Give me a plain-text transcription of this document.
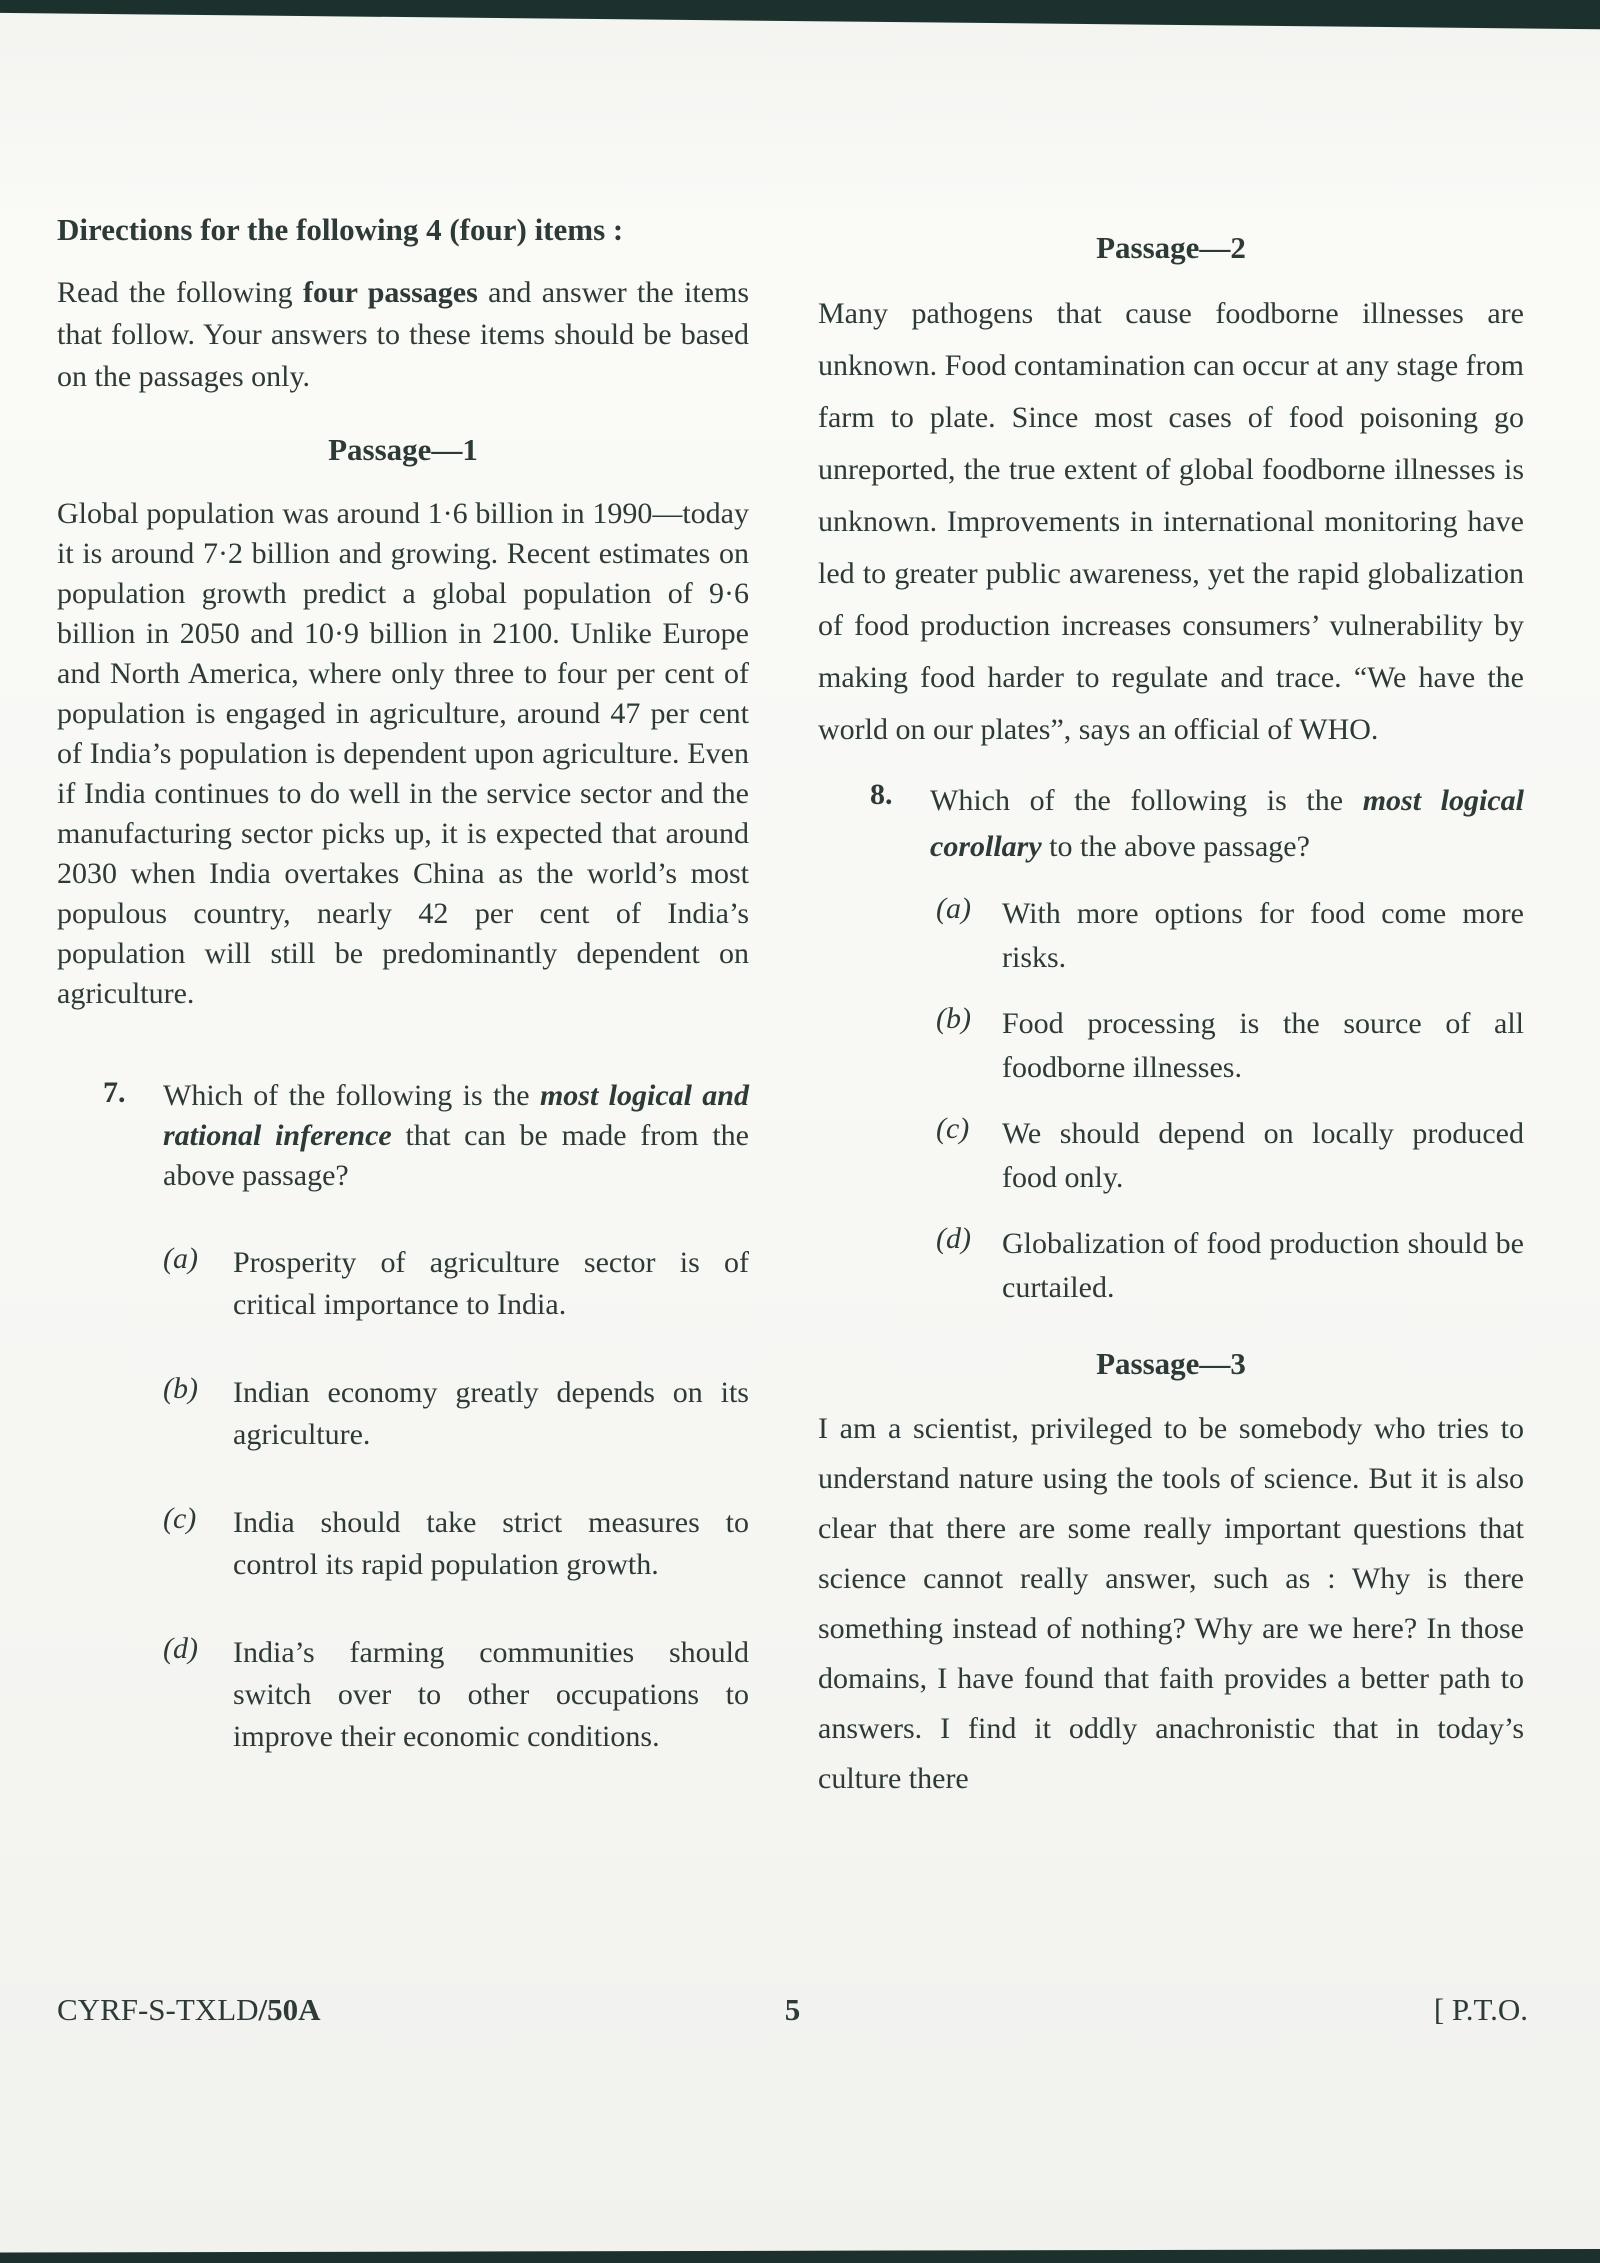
Directions for the following 4 (four) items :

Read the following four passages and answer the items that follow. Your answers to these items should be based on the passages only.

Passage—1

Global population was around 1·6 billion in 1990—today it is around 7·2 billion and growing. Recent estimates on population growth predict a global population of 9·6 billion in 2050 and 10·9 billion in 2100. Unlike Europe and North America, where only three to four per cent of population is engaged in agriculture, around 47 per cent of India’s population is dependent upon agriculture. Even if India continues to do well in the service sector and the manufacturing sector picks up, it is expected that around 2030 when India overtakes China as the world’s most populous country, nearly 42 per cent of India’s population will still be predominantly dependent on agriculture.

7. Which of the following is the most logical and rational inference that can be made from the above passage?

(a) Prosperity of agriculture sector is of critical importance to India.

(b) Indian economy greatly depends on its agriculture.

(c) India should take strict measures to control its rapid population growth.

(d) India’s farming communities should switch over to other occupations to improve their economic conditions.

Passage—2

Many pathogens that cause foodborne illnesses are unknown. Food contamination can occur at any stage from farm to plate. Since most cases of food poisoning go unreported, the true extent of global foodborne illnesses is unknown. Improvements in international monitoring have led to greater public awareness, yet the rapid globalization of food production increases consumers’ vulnerability by making food harder to regulate and trace. “We have the world on our plates”, says an official of WHO.

8. Which of the following is the most logical corollary to the above passage?

(a) With more options for food come more risks.

(b) Food processing is the source of all foodborne illnesses.

(c) We should depend on locally produced food only.

(d) Globalization of food production should be curtailed.

Passage—3

I am a scientist, privileged to be somebody who tries to understand nature using the tools of science. But it is also clear that there are some really important questions that science cannot really answer, such as : Why is there something instead of nothing? Why are we here? In those domains, I have found that faith provides a better path to answers. I find it oddly anachronistic that in today’s culture there

CYRF-S-TXLD/50A	5	[ P.T.O.
